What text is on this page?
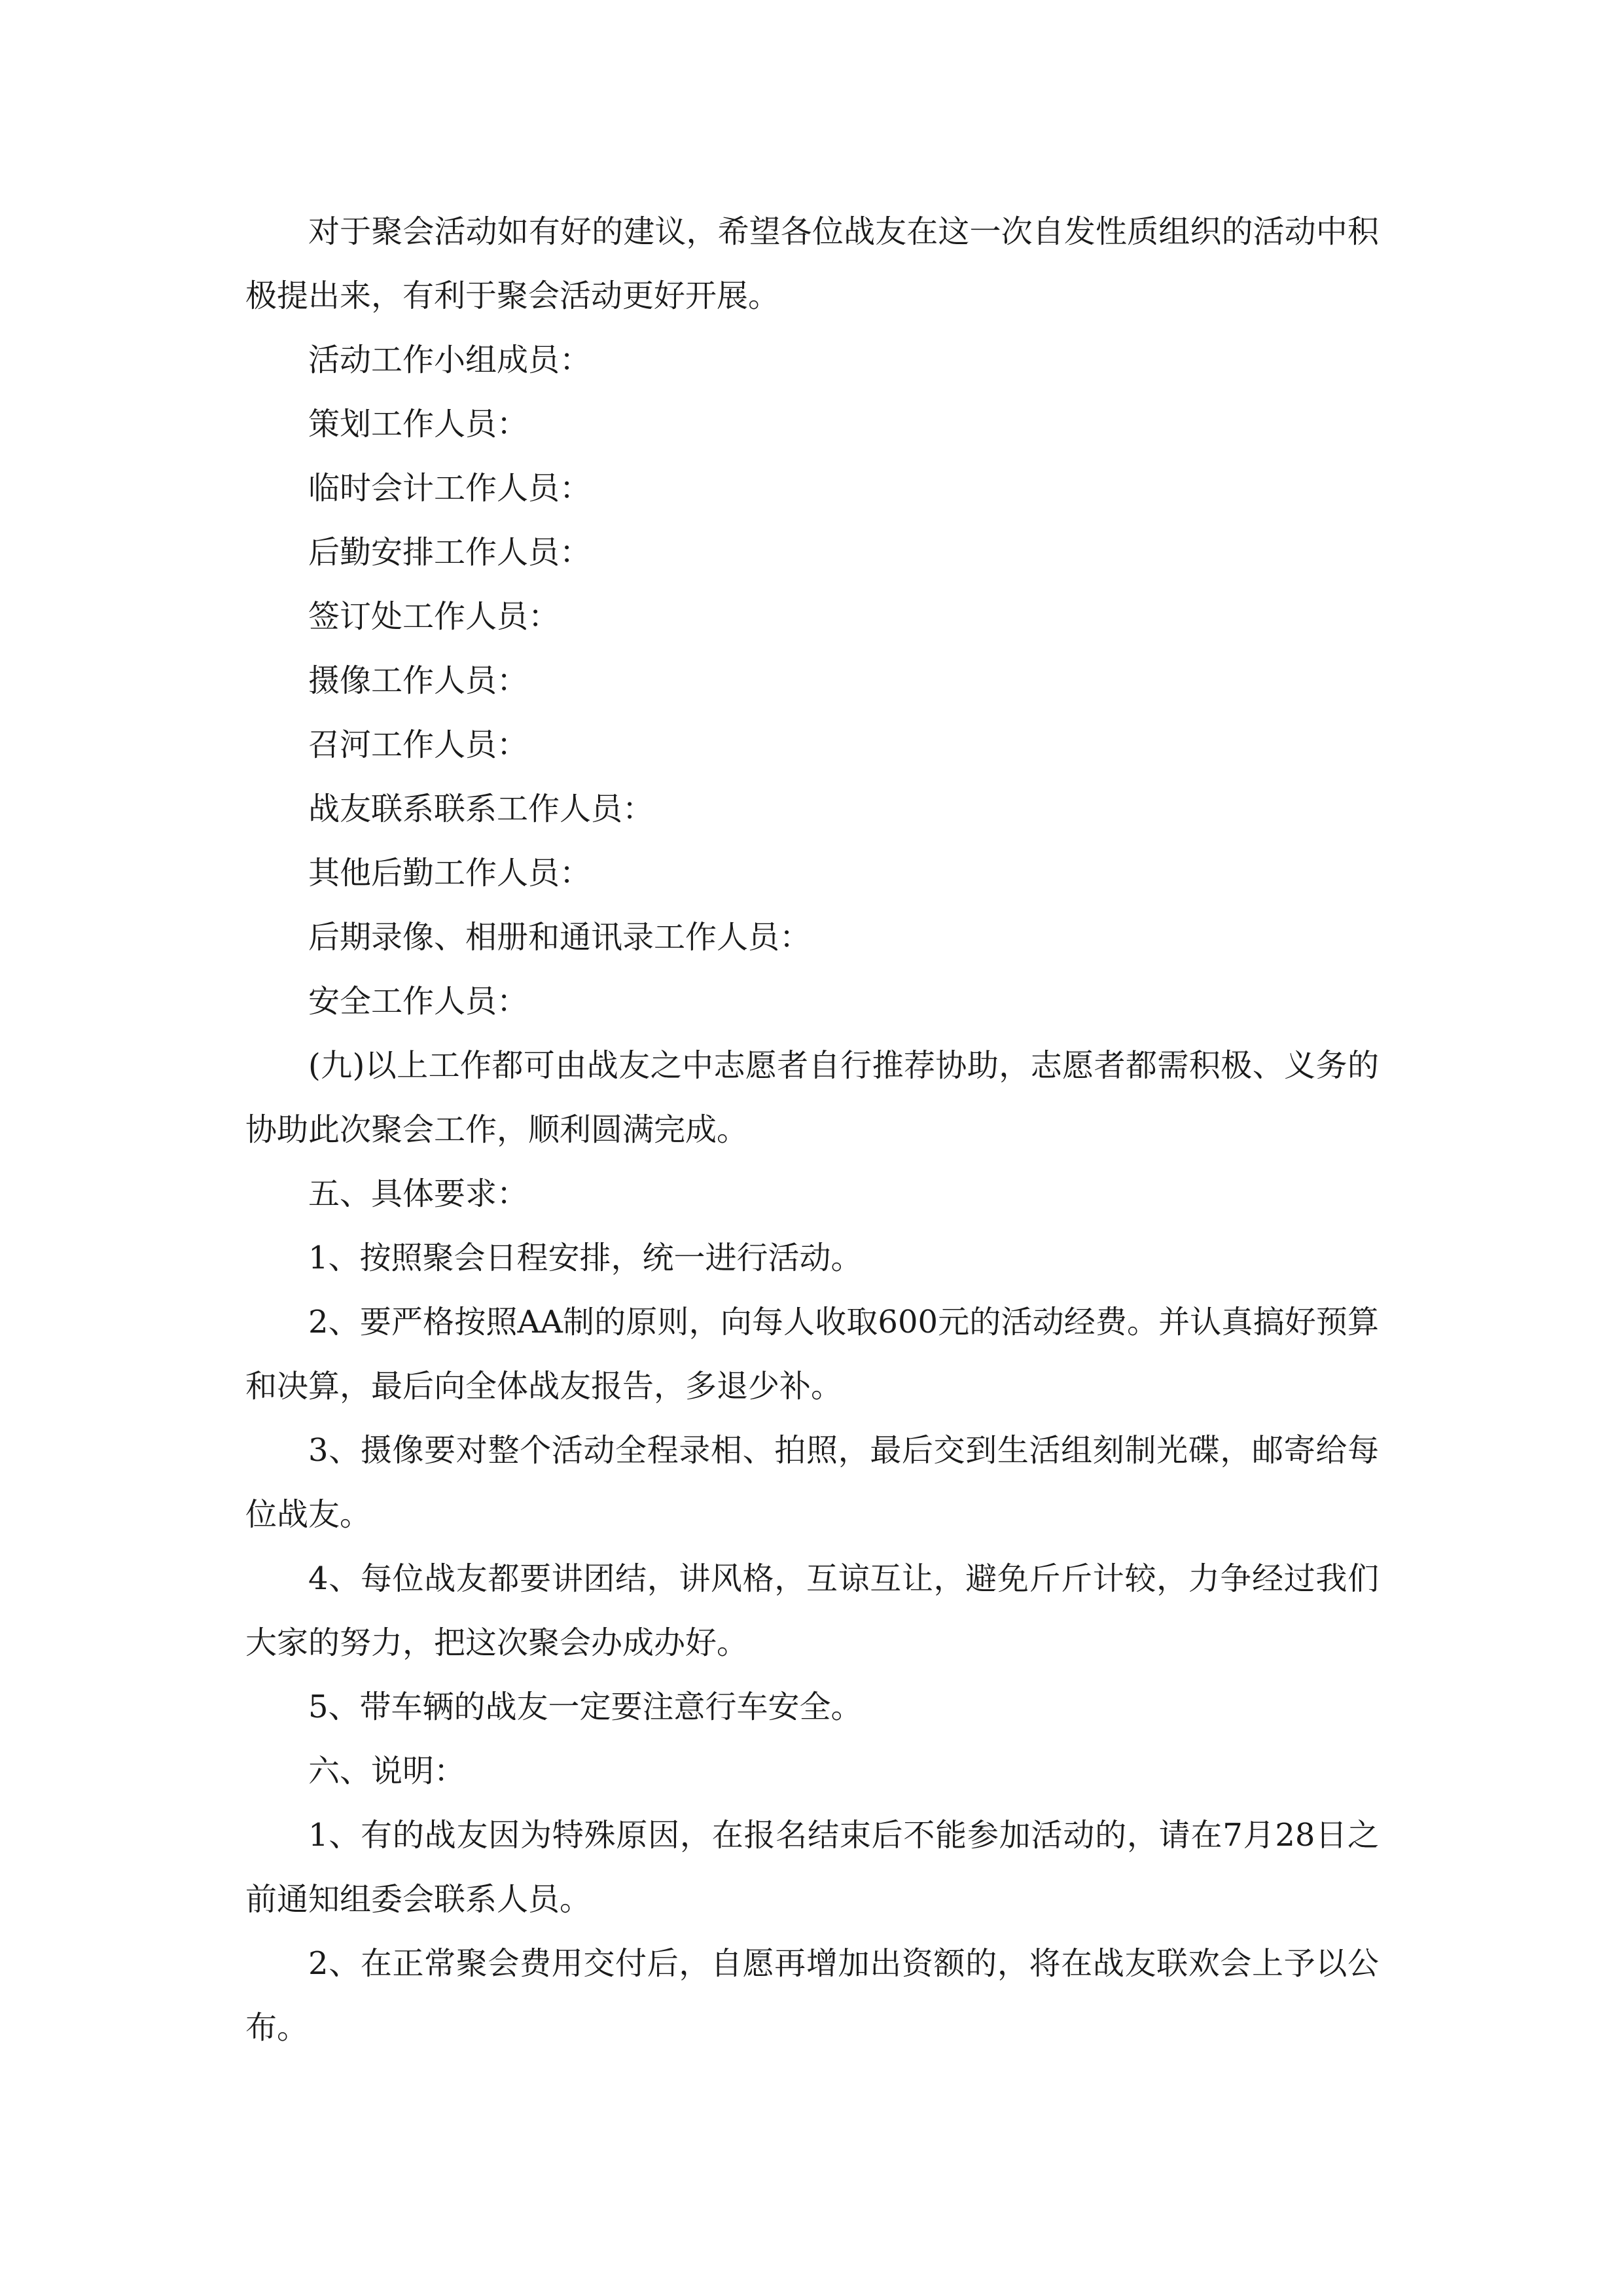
对于聚会活动如有好的建议，希望各位战友在这一次自发性质组织的活动中积极提出来，有利于聚会活动更好开展。

活动工作小组成员：

策划工作人员：

临时会计工作人员：

后勤安排工作人员：

签订处工作人员：

摄像工作人员：

召河工作人员：

战友联系联系工作人员：

其他后勤工作人员：

后期录像、相册和通讯录工作人员：

安全工作人员：

(九)以上工作都可由战友之中志愿者自行推荐协助，志愿者都需积极、义务的协助此次聚会工作，顺利圆满完成。

五、具体要求：

1、按照聚会日程安排，统一进行活动。

2、要严格按照AA制的原则，向每人收取600元的活动经费。并认真搞好预算和决算，最后向全体战友报告，多退少补。

3、摄像要对整个活动全程录相、拍照，最后交到生活组刻制光碟，邮寄给每位战友。

4、每位战友都要讲团结，讲风格，互谅互让，避免斤斤计较，力争经过我们大家的努力，把这次聚会办成办好。

5、带车辆的战友一定要注意行车安全。

六、说明：

1、有的战友因为特殊原因，在报名结束后不能参加活动的，请在7月28日之前通知组委会联系人员。

2、在正常聚会费用交付后，自愿再增加出资额的，将在战友联欢会上予以公布。
